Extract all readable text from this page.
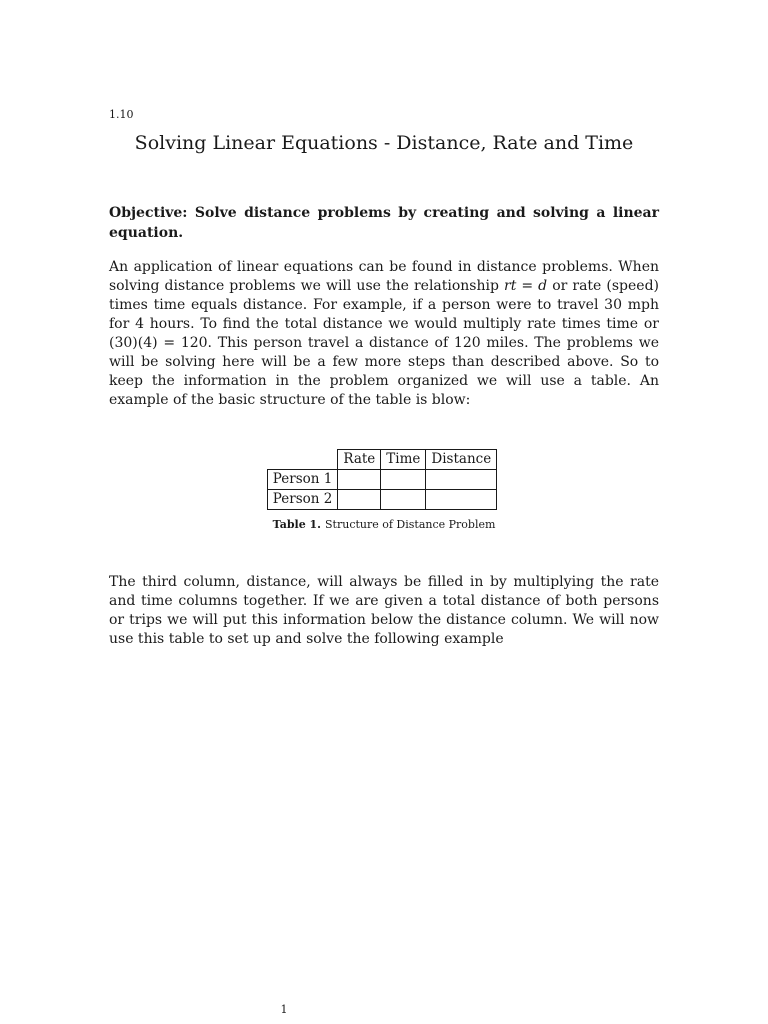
1.10
Solving Linear Equations - Distance, Rate and Time

Objective: Solve distance problems by creating and solving a linear equation.

An application of linear equations can be found in distance problems. When solving distance problems we will use the relationship rt = d or rate (speed) times time equals distance. For example, if a person were to travel 30 mph for 4 hours. To find the total distance we would multiply rate times time or (30)(4) = 120. This person travel a distance of 120 miles. The problems we will be solving here will be a few more steps than described above. So to keep the information in the problem organized we will use a table. An example of the basic structure of the table is blow:

	Rate	Time	Distance
Person 1			
Person 2			
Table 1. Structure of Distance Problem

The third column, distance, will always be filled in by multiplying the rate and time columns together. If we are given a total distance of both persons or trips we will put this information below the distance column. We will now use this table to set up and solve the following example

1
